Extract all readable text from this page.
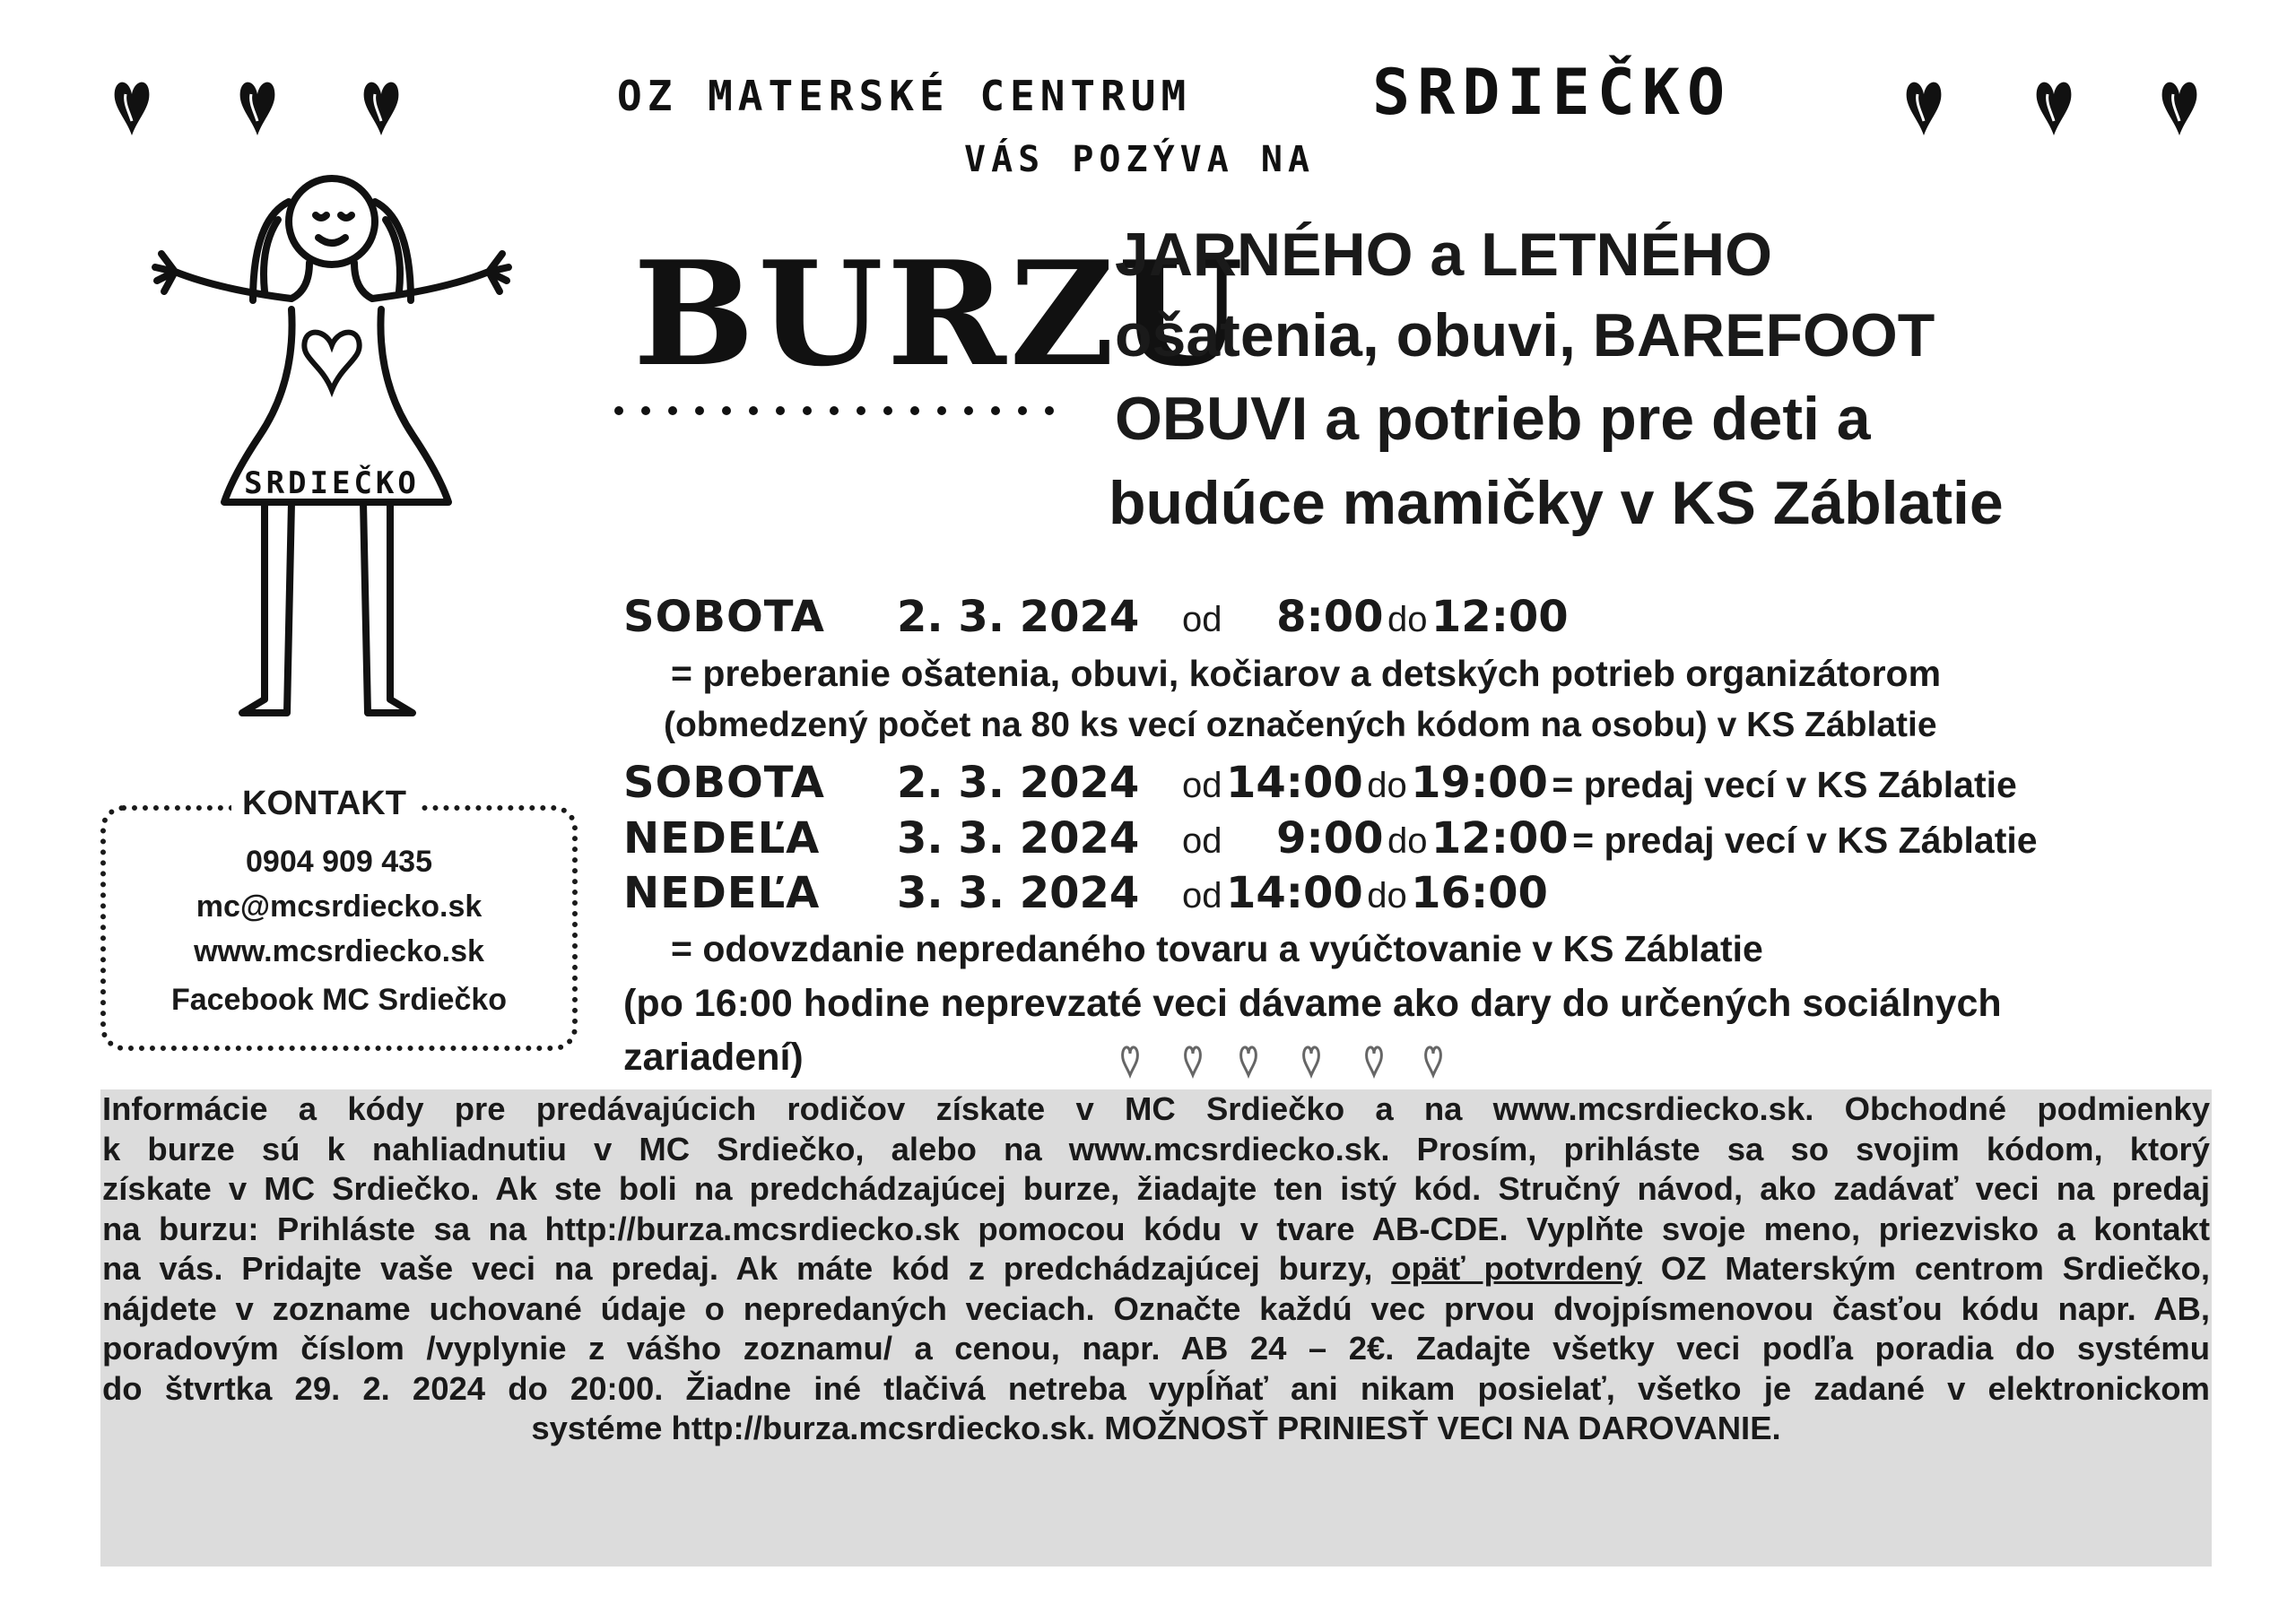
OZ MATERSKÉ CENTRUM	SRDIEČKO
VÁS POZÝVA NA
SRDIEČKO
BURZU
JARNÉHO a LETNÉHO
ošatenia, obuvi, BAREFOOT
OBUVI a potrieb pre deti a
budúce mamičky v KS Záblatie
SOBOTA 2. 3. 2024 od 8:00 do 12:00
= preberanie ošatenia, obuvi, kočiarov a detských potrieb organizátorom
(obmedzený počet na 80 ks vecí označených kódom na osobu) v KS Záblatie
SOBOTA 2. 3. 2024 od 14:00 do 19:00 = predaj vecí v KS Záblatie
NEDEĽA 3. 3. 2024 od 9:00 do 12:00 = predaj vecí v KS Záblatie
NEDEĽA 3. 3. 2024 od 14:00 do 16:00
= odovzdanie nepredaného tovaru a vyúčtovanie v KS Záblatie
(po 16:00 hodine neprevzaté veci dávame ako dary do určených sociálnych
zariadení)
KONTAKT
0904 909 435
mc@mcsrdiecko.sk
www.mcsrdiecko.sk
Facebook MC Srdiečko

Informácie a kódy pre predávajúcich rodičov získate v MC Srdiečko a na www.mcsrdiecko.sk. Obchodné podmienky

k burze sú k nahliadnutiu v MC Srdiečko, alebo na www.mcsrdiecko.sk. Prosím, prihláste sa so svojim kódom, ktorý

získate v MC Srdiečko. Ak ste boli na predchádzajúcej burze, žiadajte ten istý kód. Stručný návod, ako zadávať veci na predaj

na burzu: Prihláste sa na http://burza.mcsrdiecko.sk pomocou kódu v tvare AB-CDE. Vyplňte svoje meno, priezvisko a kontakt

na vás. Pridajte vaše veci na predaj. Ak máte kód z predchádzajúcej burzy, opäť potvrdený OZ Materským centrom Srdiečko,

nájdete v zozname uchované údaje o nepredaných veciach. Označte každú vec prvou dvojpísmenovou časťou kódu napr. AB,

poradovým číslom /vyplynie z vášho zoznamu/ a cenou, napr. AB 24 – 2€. Zadajte všetky veci podľa poradia do systému

do štvrtka 29. 2. 2024 do 20:00. Žiadne iné tlačivá netreba vypĺňať ani nikam posielať, všetko je zadané v elektronickom

systéme http://burza.mcsrdiecko.sk. MOŽNOSŤ PRINIESŤ VECI NA DAROVANIE.
